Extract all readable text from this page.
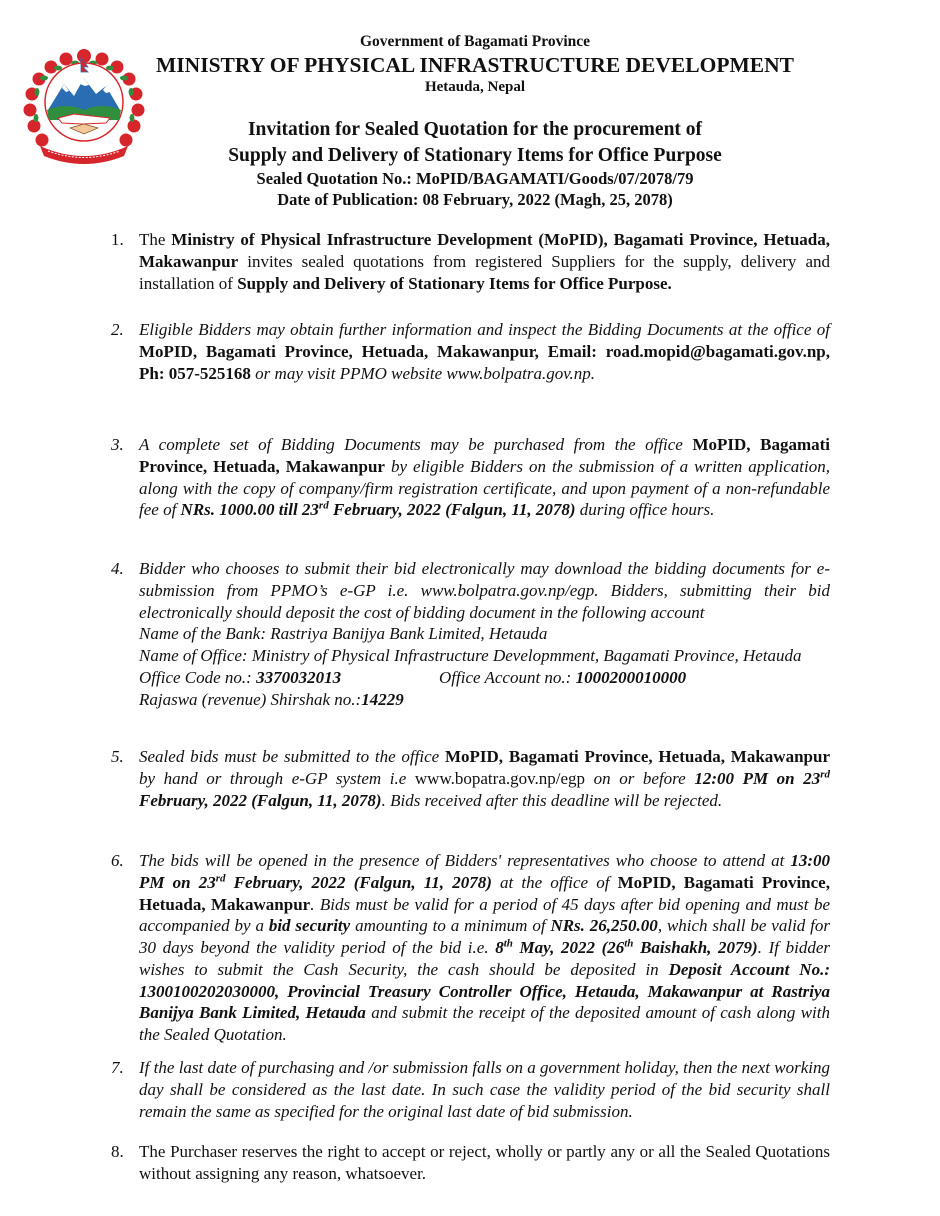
Government of Bagamati Province
MINISTRY OF PHYSICAL INFRASTRUCTURE DEVELOPMENT
Hetauda, Nepal
Invitation for Sealed Quotation for the procurement of
Supply and Delivery of Stationary Items for Office Purpose
Sealed Quotation No.: MoPID/BAGAMATI/Goods/07/2078/79
Date of Publication: 08 February, 2022 (Magh, 25, 2078)
1. The Ministry of Physical Infrastructure Development (MoPID), Bagamati Province, Hetuada, Makawanpur invites sealed quotations from registered Suppliers for the supply, delivery and installation of Supply and Delivery of Stationary Items for Office Purpose.
2. Eligible Bidders may obtain further information and inspect the Bidding Documents at the office of MoPID, Bagamati Province, Hetuada, Makawanpur, Email: road.mopid@bagamati.gov.np, Ph: 057-525168 or may visit PPMO website www.bolpatra.gov.np.
3. A complete set of Bidding Documents may be purchased from the office MoPID, Bagamati Province, Hetuada, Makawanpur by eligible Bidders on the submission of a written application, along with the copy of company/firm registration certificate, and upon payment of a non-refundable fee of NRs. 1000.00 till 23rd February, 2022 (Falgun, 11, 2078) during office hours.
4. Bidder who chooses to submit their bid electronically may download the bidding documents for e-submission from PPMO’s e-GP i.e. www.bolpatra.gov.np/egp. Bidders, submitting their bid electronically should deposit the cost of bidding document in the following account
Name of the Bank: Rastriya Banijya Bank Limited, Hetauda
Name of Office: Ministry of Physical Infrastructure Developmment, Bagamati Province, Hetauda
Office Code no.: 3370032013	Office Account no.: 1000200010000
Rajaswa (revenue) Shirshak no.:14229
5. Sealed bids must be submitted to the office MoPID, Bagamati Province, Hetuada, Makawanpur by hand or through e-GP system i.e www.bopatra.gov.np/egp on or before 12:00 PM on 23rd February, 2022 (Falgun, 11, 2078). Bids received after this deadline will be rejected.
6. The bids will be opened in the presence of Bidders' representatives who choose to attend at 13:00 PM on 23rd February, 2022 (Falgun, 11, 2078) at the office of MoPID, Bagamati Province, Hetuada, Makawanpur. Bids must be valid for a period of 45 days after bid opening and must be accompanied by a bid security amounting to a minimum of NRs. 26,250.00, which shall be valid for 30 days beyond the validity period of the bid i.e. 8th May, 2022 (26th Baishakh, 2079). If bidder wishes to submit the Cash Security, the cash should be deposited in Deposit Account No.: 1300100202030000, Provincial Treasury Controller Office, Hetauda, Makawanpur at Rastriya Banijya Bank Limited, Hetauda and submit the receipt of the deposited amount of cash along with the Sealed Quotation.
7. If the last date of purchasing and /or submission falls on a government holiday, then the next working day shall be considered as the last date. In such case the validity period of the bid security shall remain the same as specified for the original last date of bid submission.
8. The Purchaser reserves the right to accept or reject, wholly or partly any or all the Sealed Quotations without assigning any reason, whatsoever.
